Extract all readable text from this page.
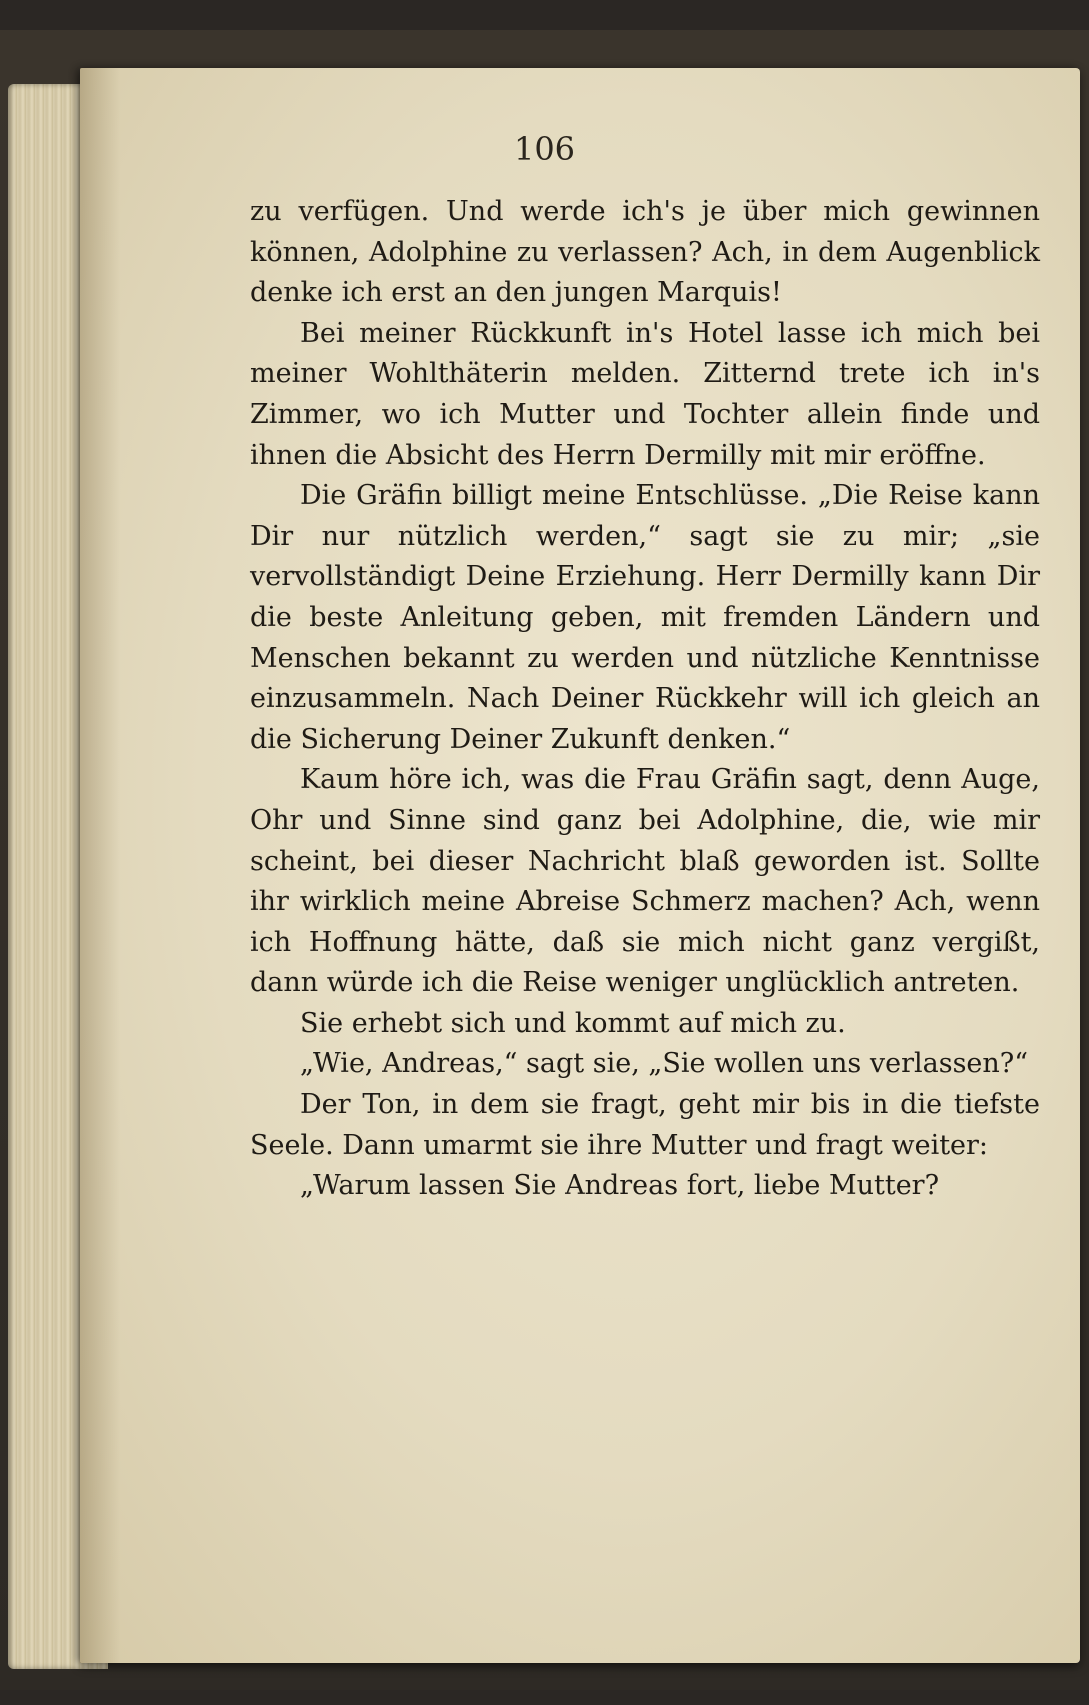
106

zu verfügen. Und werde ich's je über mich gewinnen können, Adolphine zu verlassen? Ach, in dem Augenblick denke ich erst an den jungen Marquis!

Bei meiner Rückkunft in's Hotel lasse ich mich bei meiner Wohlthäterin melden. Zitternd trete ich in's Zimmer, wo ich Mutter und Tochter allein finde und ihnen die Absicht des Herrn Dermilly mit mir eröffne.

Die Gräfin billigt meine Entschlüsse. „Die Reise kann Dir nur nützlich werden,“ sagt sie zu mir; „sie vervollständigt Deine Erziehung. Herr Dermilly kann Dir die beste Anleitung geben, mit fremden Ländern und Menschen bekannt zu werden und nützliche Kenntnisse einzusammeln. Nach Deiner Rückkehr will ich gleich an die Sicherung Deiner Zukunft denken.“

Kaum höre ich, was die Frau Gräfin sagt, denn Auge, Ohr und Sinne sind ganz bei Adolphine, die, wie mir scheint, bei dieser Nachricht blaß geworden ist. Sollte ihr wirklich meine Abreise Schmerz machen? Ach, wenn ich Hoffnung hätte, daß sie mich nicht ganz vergißt, dann würde ich die Reise weniger unglücklich antreten.

Sie erhebt sich und kommt auf mich zu.

„Wie, Andreas,“ sagt sie, „Sie wollen uns verlassen?“

Der Ton, in dem sie fragt, geht mir bis in die tiefste Seele. Dann umarmt sie ihre Mutter und fragt weiter:

„Warum lassen Sie Andreas fort, liebe Mutter?
